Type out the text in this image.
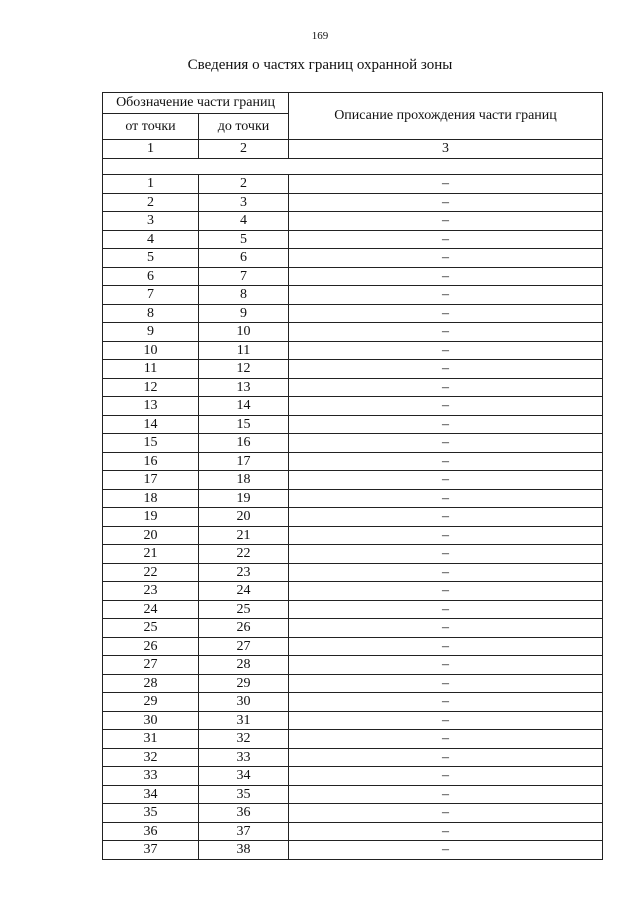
169
Сведения о частях границ охранной зоны
Обозначение части границ		Описание прохождения части границ
от точки	до точки	
1	2	3

1	2	–
2	3	–
3	4	–
4	5	–
5	6	–
6	7	–
7	8	–
8	9	–
9	10	–
10	11	–
11	12	–
12	13	–
13	14	–
14	15	–
15	16	–
16	17	–
17	18	–
18	19	–
19	20	–
20	21	–
21	22	–
22	23	–
23	24	–
24	25	–
25	26	–
26	27	–
27	28	–
28	29	–
29	30	–
30	31	–
31	32	–
32	33	–
33	34	–
34	35	–
35	36	–
36	37	–
37	38	–
